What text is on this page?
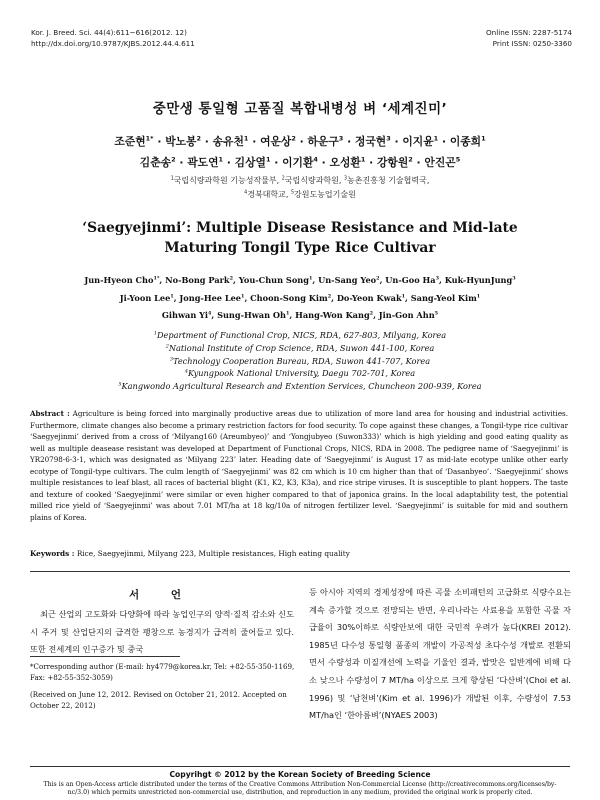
Kor. J. Breed. Sci. 44(4):611~616(2012. 12)
http://dx.doi.org/10.9787/KJBS.2012.44.4.611
Online ISSN: 2287-5174
Print ISSN: 0250-3360
중만생 통일형 고품질 복합내병성 벼 ‘세계진미’
조준현$^{1*}$ · 박노봉$^2$ · 송유천$^1$ · 여운상$^2$ · 하운구$^3$ · 정국현$^3$ · 이지윤$^1$ · 이종희$^1$
김춘송$^2$ · 곽도연$^1$ · 김상열$^1$ · 이기환$^4$ · 오성환$^1$ · 강항원$^2$ · 안진곤$^5$
$^1$국립식량과학원 기능성작물부, $^2$국립식량과학원, $^3$농촌진흥청 기술협력국,
$^4$경북대학교, $^5$강원도농업기술원
‘Saegyejinmi’: Multiple Disease Resistance and Mid-late
Maturing Tongil Type Rice Cultivar
Jun-Hyeon Cho$^{1*}$, No-Bong Park$^2$, You-Chun Song$^1$, Un-Sang Yeo$^2$, Un-Goo Ha$^3$, Kuk-HyunJung$^3$
Ji-Yoon Lee$^1$, Jong-Hee Lee$^1$, Choon-Song Kim$^2$, Do-Yeon Kwak$^1$, Sang-Yeol Kim$^1$
Gihwan Yi$^4$, Sung-Hwan Oh$^1$, Hang-Won Kang$^2$, Jin-Gon Ahn$^5$
$^1$Department of Functional Crop, NICS, RDA, 627-803, Milyang, Korea
$^2$National Institute of Crop Science, RDA, Suwon 441-100, Korea
$^3$Technology Cooperation Bureau, RDA, Suwon 441-707, Korea
$^4$Kyungpook National University, Daegu 702-701, Korea
$^5$Kangwondo Agricultural Research and Extention Services, Chuncheon 200-939, Korea
Abstract : Agriculture is being forced into marginally productive areas due to utilization of more land area for housing and industrial activities. Furthermore, climate changes also become a primary restriction factors for food security. To cope against these changes, a Tongil-type rice cultivar ‘Saegyejinmi’ derived from a cross of ‘Milyang160 (Areumbyeo)’ and ‘Yongjubyeo (Suwon333)’ which is high yielding and good eating quality as well as multiple deasease resistant was developed at Department of Functional Crops, NICS, RDA in 2008. The pedigree name of ‘Saegyejinmi’ is YR20798-6-3-1, which was designated as ‘Milyang 223’ later. Heading date of ‘Saegyejinmi’ is August 17 as mid-late ecotype unlike other early ecotype of Tongil-type cultivars. The culm length of ‘Saegyejinmi’ was 82 cm which is 10 cm higher than that of ‘Dasanbyeo’. ‘Saegyejinmi’ shows multiple resistances to leaf blast, all races of bacterial blight (K1, K2, K3, K3a), and rice stripe viruses. It is susceptible to plant hoppers. The taste and texture of cooked ‘Saegyejinmi’ were similar or even higher compared to that of japonica grains. In the local adaptability test, the potential milled rice yield of ‘Saegyejinmi’ was about 7.01 MT/ha at 18 kg/10a of nitrogen fertilizer level. ‘Saegyejinmi’ is suitable for mid and southern plains of Korea.
Keywords : Rice, Saegyejinmi, Milyang 223, Multiple resistances, High eating quality
서 언
최근 산업의 고도화와 다양화에 따라 농업인구의 양적·질적 감소와 신도시 주거 및 산업단지의 급격한 팽창으로 농경지가 급격히 줄어들고 있다. 또한 전세계의 인구증가 및 중국
등 아시아 지역의 경제성장에 따른 곡물 소비패턴의 고급화로 식량수요는 계속 증가할 것으로 전망되는 반면, 우리나라는 사료용을 포함한 곡물 자급율이 30%이하로 식량안보에 대한 국민적 우려가 높다(KREI 2012). 1985년 다수성 통일형 품종의 개발이 가공적성 초다수성 개발로 전환되면서 수량성과 미질개선에 노력을 기울인 결과, 밥맛은 일반계에 비해 다소 낮으나 수량성이 7 MT/ha 이상으로 크게 향상된 ‘다산벼’(Choi et al. 1996) 및 ‘남천벼’(Kim et al. 1996)가 개발된 이후, 수량성이 7.53 MT/ha인 ‘한아름벼’(NYAES 2003)

*Corresponding author (E-mail: hy4779@korea.kr, Tel: +82-55-350-1169, Fax: +82-55-352-3059)

(Received on June 12, 2012. Revised on October 21, 2012. Accepted on October 22, 2012)

Copyrihgt © 2012 by the Korean Society of Breeding Science
This is an Open-Access article distributed under the terms of the Creative Commons Attribution Non-Commercial License (http://creativecommons.org/licenses/by-nc/3.0) which permits unrestricted non-commercial use, distribution, and reproduction in any medium, provided the original work is properly cited.
